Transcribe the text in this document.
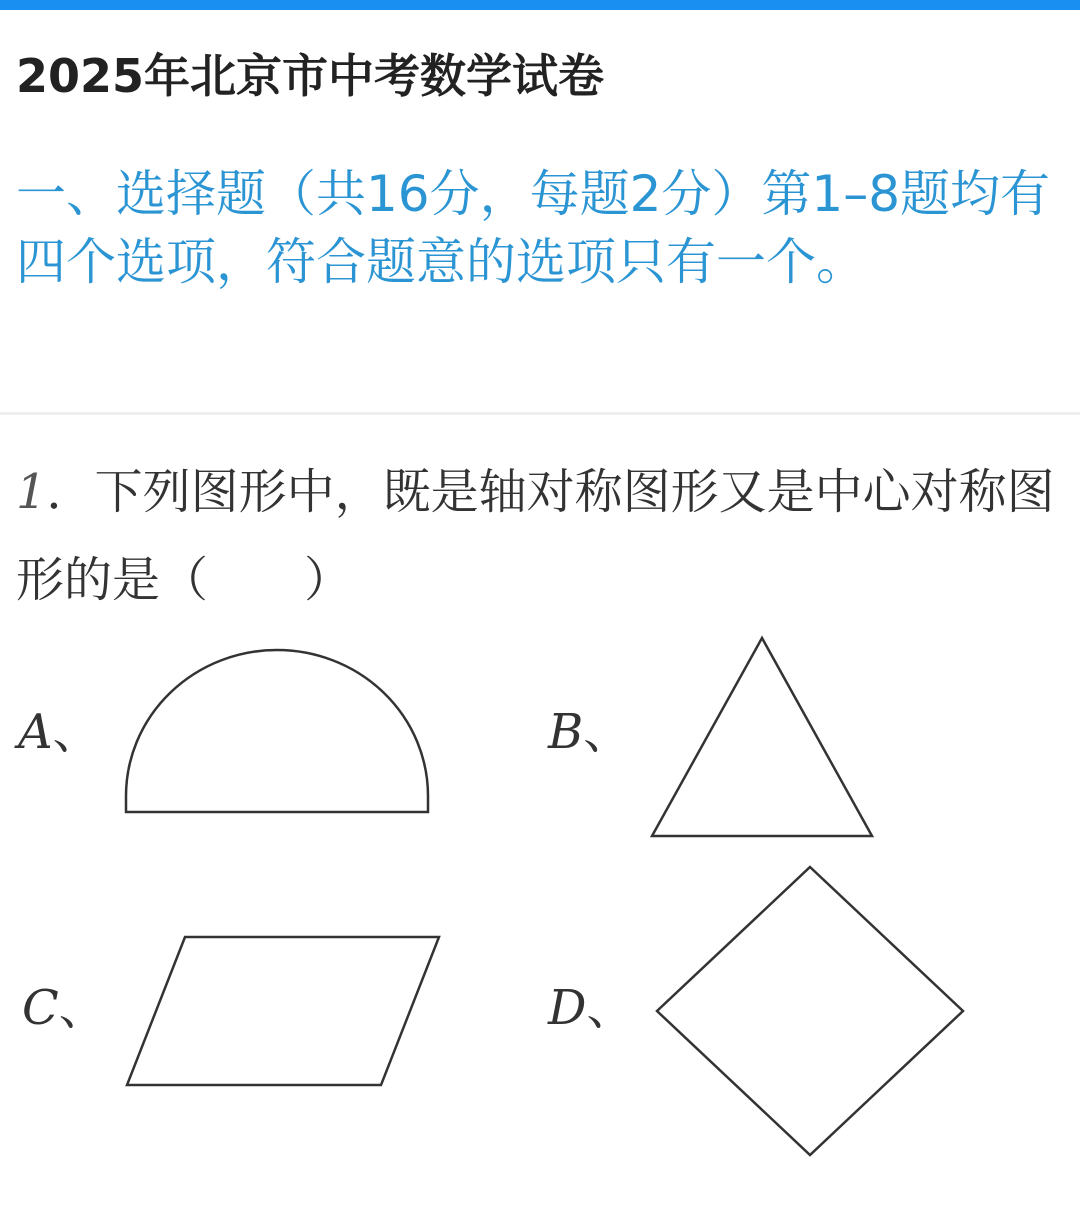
2025年北京市中考数学试卷
一、选择题（共16分，每题2分）第1–8题均有四个选项，符合题意的选项只有一个。
1．下列图形中，既是轴对称图形又是中心对称图形的是（　　）
A、	B、
C、	D、
